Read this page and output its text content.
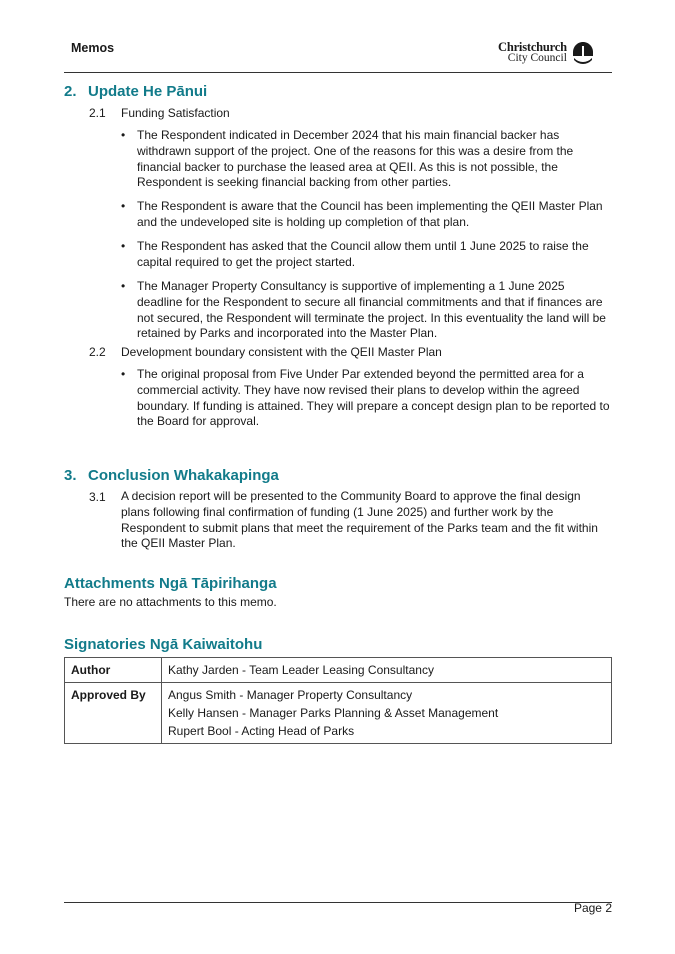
Memos	Christchurch
City Council
2. Update He Pānui
2.1 Funding Satisfaction
• The Respondent indicated in December 2024 that his main financial backer has withdrawn support of the project. One of the reasons for this was a desire from the financial backer to purchase the leased area at QEII. As this is not possible, the Respondent is seeking financial backing from other parties.
• The Respondent is aware that the Council has been implementing the QEII Master Plan and the undeveloped site is holding up completion of that plan.
• The Respondent has asked that the Council allow them until 1 June 2025 to raise the capital required to get the project started.
• The Manager Property Consultancy is supportive of implementing a 1 June 2025 deadline for the Respondent to secure all financial commitments and that if finances are not secured, the Respondent will terminate the project. In this eventuality the land will be retained by Parks and incorporated into the Master Plan.
2.2 Development boundary consistent with the QEII Master Plan
• The original proposal from Five Under Par extended beyond the permitted area for a commercial activity. They have now revised their plans to develop within the agreed boundary. If funding is attained. They will prepare a concept design plan to be reported to the Board for approval.
3. Conclusion Whakakapinga
3.1 A decision report will be presented to the Community Board to approve the final design plans following final confirmation of funding (1 June 2025) and further work by the Respondent to submit plans that meet the requirement of the Parks team and the fit within the QEII Master Plan.
Attachments Ngā Tāpirihanga
There are no attachments to this memo.
Signatories Ngā Kaiwaitohu
Author	Kathy Jarden - Team Leader Leasing Consultancy
Approved By	Angus Smith - Manager Property Consultancy
Kelly Hansen - Manager Parks Planning & Asset Management
Rupert Bool - Acting Head of Parks
Page 2
